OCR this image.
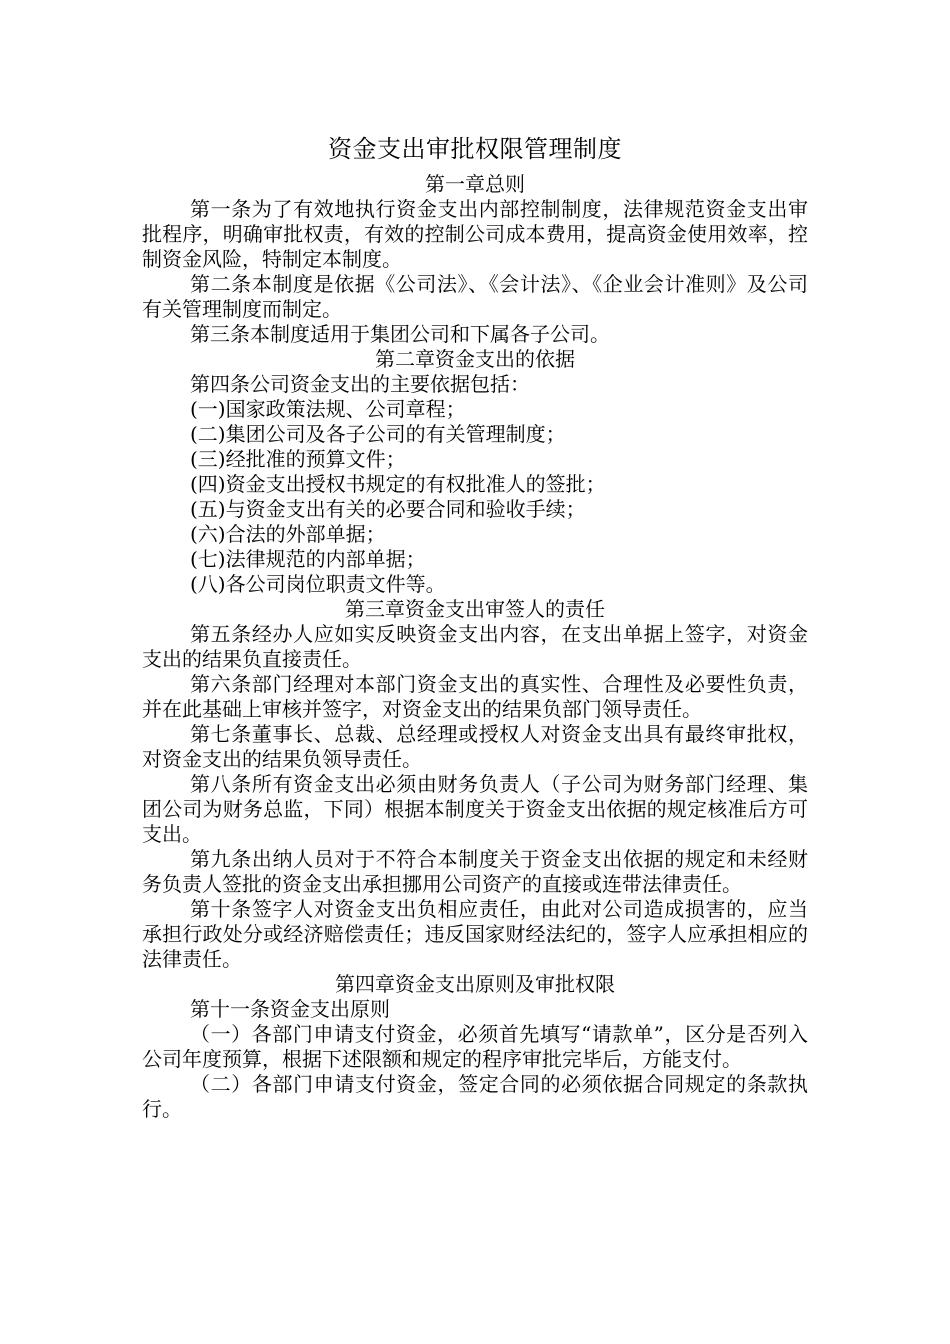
资金支出审批权限管理制度

第一章总则

第一条为了有效地执行资金支出内部控制制度，法律规范资金支出审批程序，明确审批权责，有效的控制公司成本费用，提高资金使用效率，控制资金风险，特制定本制度。

第二条本制度是依据《公司法》、《会计法》、《企业会计准则》及公司有关管理制度而制定。

第三条本制度适用于集团公司和下属各子公司。

第二章资金支出的依据

第四条公司资金支出的主要依据包括：

(一)国家政策法规、公司章程；

(二)集团公司及各子公司的有关管理制度；

(三)经批准的预算文件；

(四)资金支出授权书规定的有权批准人的签批；

(五)与资金支出有关的必要合同和验收手续；

(六)合法的外部单据；

(七)法律规范的内部单据；

(八)各公司岗位职责文件等。

第三章资金支出审签人的责任

第五条经办人应如实反映资金支出内容，在支出单据上签字，对资金支出的结果负直接责任。

第六条部门经理对本部门资金支出的真实性、合理性及必要性负责，并在此基础上审核并签字，对资金支出的结果负部门领导责任。

第七条董事长、总裁、总经理或授权人对资金支出具有最终审批权，对资金支出的结果负领导责任。

第八条所有资金支出必须由财务负责人（子公司为财务部门经理、集团公司为财务总监，下同）根据本制度关于资金支出依据的规定核准后方可支出。

第九条出纳人员对于不符合本制度关于资金支出依据的规定和未经财务负责人签批的资金支出承担挪用公司资产的直接或连带法律责任。

第十条签字人对资金支出负相应责任，由此对公司造成损害的，应当承担行政处分或经济赔偿责任；违反国家财经法纪的，签字人应承担相应的法律责任。

第四章资金支出原则及审批权限

第十一条资金支出原则

（一）各部门申请支付资金，必须首先填写“请款单”，区分是否列入公司年度预算，根据下述限额和规定的程序审批完毕后，方能支付。

（二）各部门申请支付资金，签定合同的必须依据合同规定的条款执行。
